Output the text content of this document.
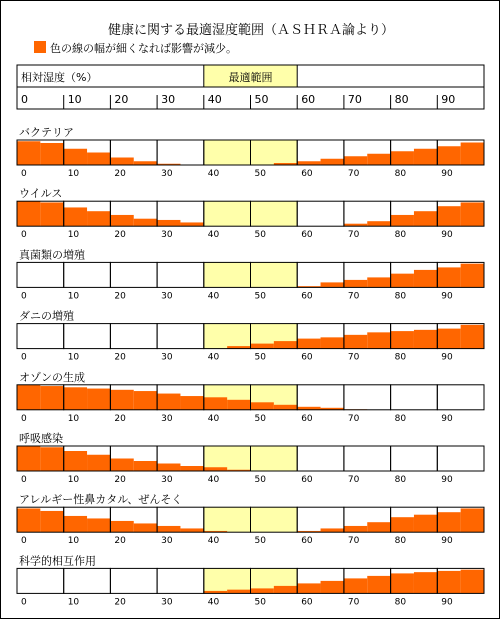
健康に関する最適湿度範囲（ＡＳＨＲＡ論より）
色の線の幅が細くなれば影響が減少。
相対湿度（%）	最適範囲
0	10	20	30	40	50	60	70	80	90
バクテリア
0	10	20	30	40	50	60	70	80	90
ウイルス
0	10	20	30	40	50	60	70	80	90
真菌類の増殖
0	10	20	30	40	50	60	70	80	90
ダニの増殖
0	10	20	30	40	50	60	70	80	90
オゾンの生成
0	10	20	30	40	50	60	70	80	90
呼吸感染
0	10	20	30	40	50	60	70	80	90
アレルギー性鼻カタル、ぜんそく
0	10	20	30	40	50	60	70	80	90
科学的相互作用
0	10	20	30	40	50	60	70	80	90
